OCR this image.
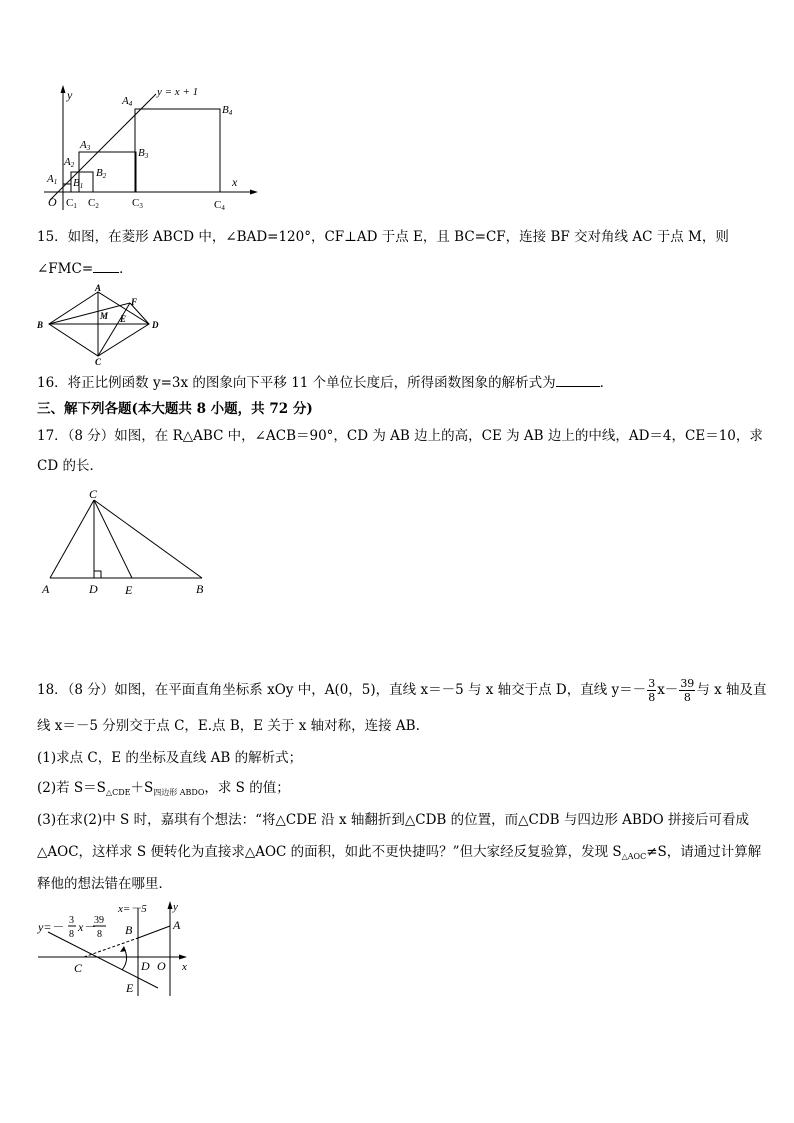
y
x
y = x + 1
O
A1
A2
A3
A4
B1
B2
B3
B4
C1 C2	C3	C4
15．如图，在菱形 ABCD 中，∠BAD=120°，CF⊥AD 于点 E，且 BC=CF，连接 BF 交对角线 AC 于点 M，则
∠FMC= ．
A
B
C
D
F
M E
16．将正比例函数 y=3x 的图象向下平移 11 个单位长度后，所得函数图象的解析式为	．
三、解下列各题(本大题共 8 小题，共 72 分)
17．（8 分）如图，在 R△ABC 中，∠ACB＝90°，CD 为 AB 边上的高，CE 为 AB 边上的中线，AD＝4，CE＝10，求
CD 的长．
C
A	D E	B
18．（8 分）如图，在平面直角坐标系 xOy 中，A(0，5)，直线 x＝－5 与 x 轴交于点 D，直线 $y=- \frac{3}{8} x- \frac{39}{8}$ 与 x 轴及直
线 x＝－5 分别交于点 C，E.点 B，E 关于 x 轴对称，连接 AB.
(1)求点 C，E 的坐标及直线 AB 的解析式；
(2)若 $S=S_{\triangle CDE}+S_{四边形 ABDO}$，求 S 的值；
(3)在求(2)中 S 时，嘉琪有个想法：“将△CDE 沿 x 轴翻折到△CDB 的位置，而△CDB 与四边形 ABDO 拼接后可看成
△AOC，这样求 S 便转化为直接求△AOC 的面积，如此不更快捷吗？”但大家经反复验算，发现 $S_{\triangle AOC}\ne S$，请通过计算解
释他的想法错在哪里．
y=－ 3
8
x－
39
8
x=－5 y
x
A
B
C	D O
E
